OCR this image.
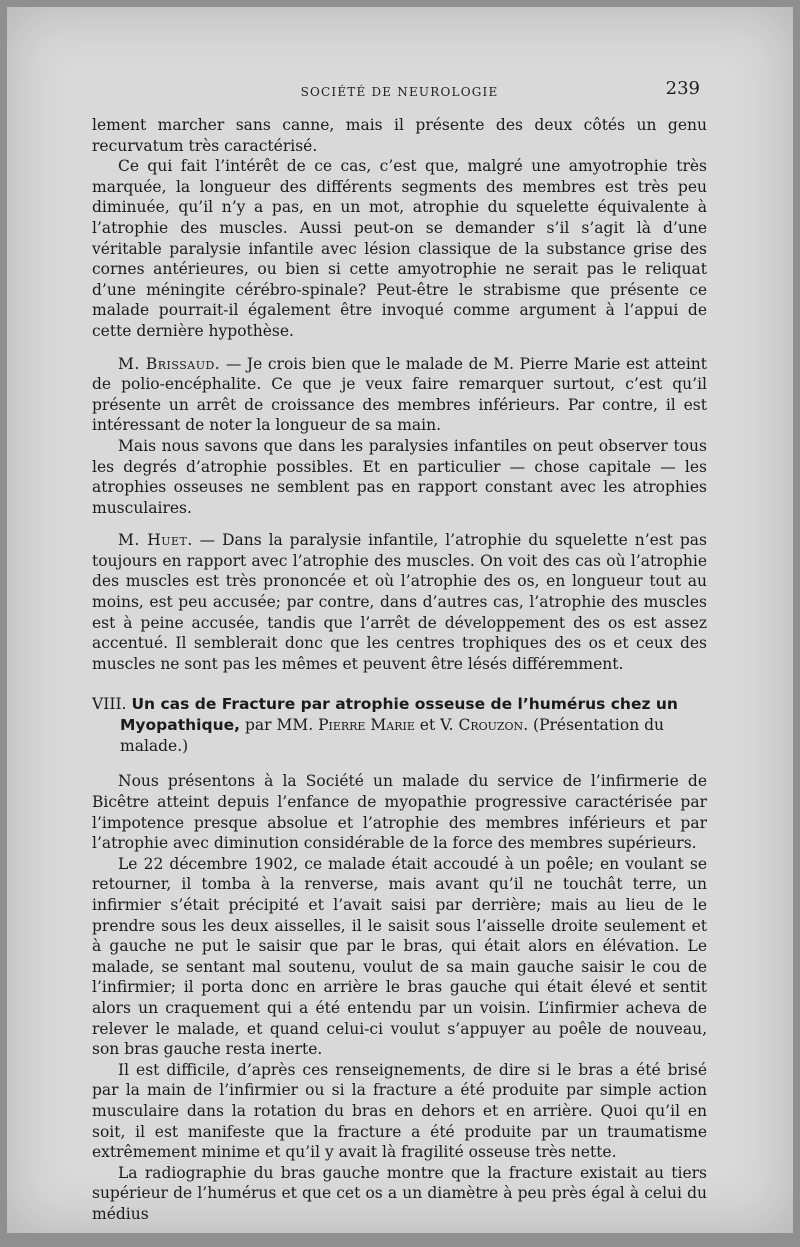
SOCIÉTÉ DE NEUROLOGIE	239

lement marcher sans canne, mais il présente des deux côtés un genu recurvatum très caractérisé.

Ce qui fait l’intérêt de ce cas, c’est que, malgré une amyotrophie très marquée, la longueur des différents segments des membres est très peu diminuée, qu’il n’y a pas, en un mot, atrophie du squelette équivalente à l’atrophie des muscles. Aussi peut-on se demander s’il s’agit là d’une véritable paralysie infantile avec lésion classique de la substance grise des cornes antérieures, ou bien si cette amyotrophie ne serait pas le reliquat d’une méningite cérébro-spinale? Peut-être le strabisme que présente ce malade pourrait-il également être invoqué comme argument à l’appui de cette dernière hypothèse.

M. Brissaud. — Je crois bien que le malade de M. Pierre Marie est atteint de polio-encéphalite. Ce que je veux faire remarquer surtout, c’est qu’il présente un arrêt de croissance des membres inférieurs. Par contre, il est intéressant de noter la longueur de sa main.

Mais nous savons que dans les paralysies infantiles on peut observer tous les degrés d’atrophie possibles. Et en particulier — chose capitale — les atrophies osseuses ne semblent pas en rapport constant avec les atrophies musculaires.

M. Huet. — Dans la paralysie infantile, l’atrophie du squelette n’est pas toujours en rapport avec l’atrophie des muscles. On voit des cas où l’atrophie des muscles est très prononcée et où l’atrophie des os, en longueur tout au moins, est peu accusée; par contre, dans d’autres cas, l’atrophie des muscles est à peine accusée, tandis que l’arrêt de développement des os est assez accentué. Il semblerait donc que les centres trophiques des os et ceux des muscles ne sont pas les mêmes et peuvent être lésés différemment.

VIII. Un cas de Fracture par atrophie osseuse de l’humérus chez un Myopathique, par MM. Pierre Marie et V. Crouzon. (Présentation du malade.)

Nous présentons à la Société un malade du service de l’infirmerie de Bicêtre atteint depuis l’enfance de myopathie progressive caractérisée par l’impotence presque absolue et l’atrophie des membres inférieurs et par l’atrophie avec diminution considérable de la force des membres supérieurs.

Le 22 décembre 1902, ce malade était accoudé à un poêle; en voulant se retourner, il tomba à la renverse, mais avant qu’il ne touchât terre, un infirmier s’était précipité et l’avait saisi par derrière; mais au lieu de le prendre sous les deux aisselles, il le saisit sous l’aisselle droite seulement et à gauche ne put le saisir que par le bras, qui était alors en élévation. Le malade, se sentant mal soutenu, voulut de sa main gauche saisir le cou de l’infirmier; il porta donc en arrière le bras gauche qui était élevé et sentit alors un craquement qui a été entendu par un voisin. L’infirmier acheva de relever le malade, et quand celui-ci voulut s’appuyer au poêle de nouveau, son bras gauche resta inerte.

Il est difficile, d’après ces renseignements, de dire si le bras a été brisé par la main de l’infirmier ou si la fracture a été produite par simple action musculaire dans la rotation du bras en dehors et en arrière. Quoi qu’il en soit, il est manifeste que la fracture a été produite par un traumatisme extrêmement minime et qu’il y avait là fragilité osseuse très nette.

La radiographie du bras gauche montre que la fracture existait au tiers supérieur de l’humérus et que cet os a un diamètre à peu près égal à celui du médius
